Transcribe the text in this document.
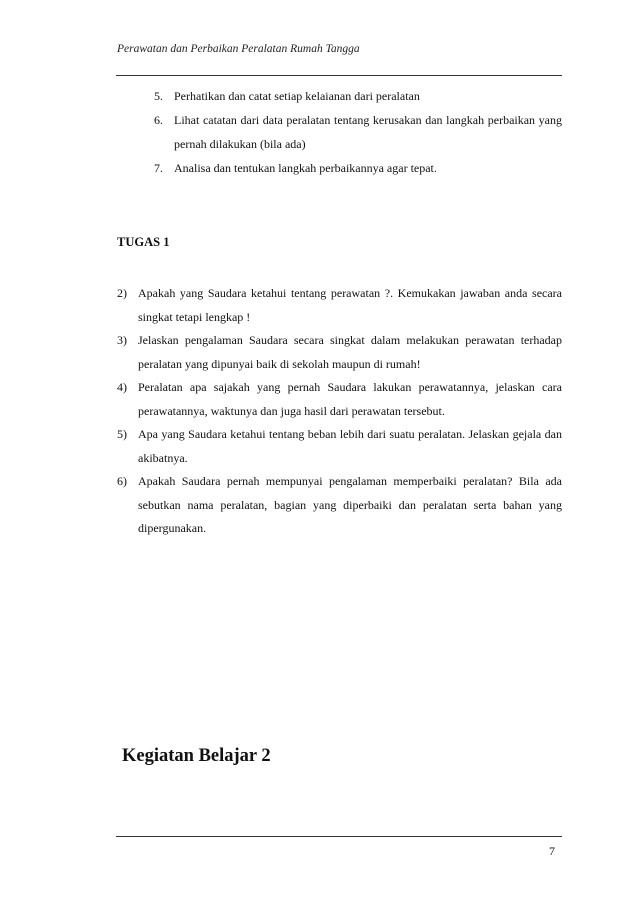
Perawatan dan Perbaikan Peralatan Rumah Tangga
5. Perhatikan dan catat setiap kelaianan dari peralatan
6. Lihat catatan dari data peralatan tentang kerusakan dan langkah perbaikan yang pernah dilakukan (bila ada)
7. Analisa dan tentukan langkah perbaikannya agar tepat.
TUGAS 1
2) Apakah yang Saudara ketahui tentang perawatan ?. Kemukakan jawaban anda secara singkat tetapi lengkap !
3) Jelaskan pengalaman Saudara secara singkat dalam melakukan perawatan terhadap peralatan yang dipunyai baik di sekolah maupun di rumah!
4) Peralatan apa sajakah yang pernah Saudara lakukan perawatannya, jelaskan cara perawatannya, waktunya dan juga hasil dari perawatan tersebut.
5) Apa yang Saudara ketahui tentang beban lebih dari suatu peralatan. Jelaskan gejala dan akibatnya.
6) Apakah Saudara pernah mempunyai pengalaman memperbaiki peralatan? Bila ada sebutkan nama peralatan, bagian yang diperbaiki dan peralatan serta bahan yang dipergunakan.
Kegiatan Belajar 2
7
